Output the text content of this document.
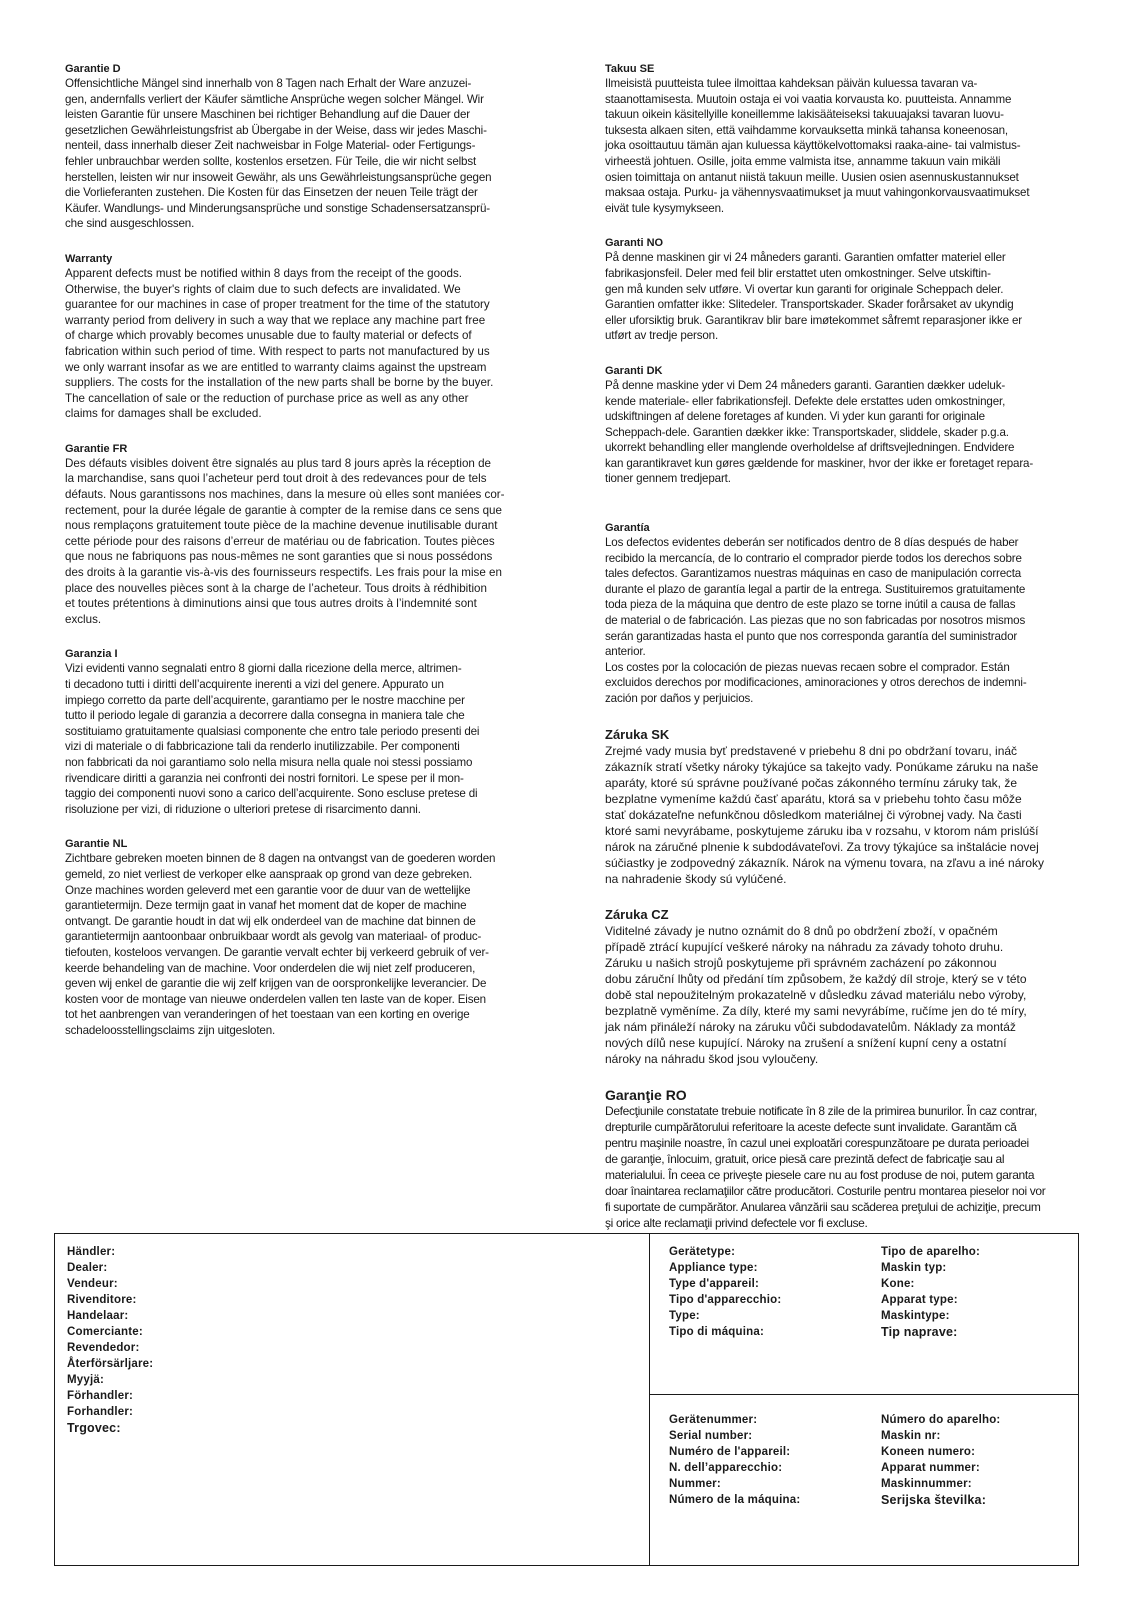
Garantie D

Offensichtliche Mängel sind innerhalb von 8 Tagen nach Erhalt der Ware anzuzei-
gen, andernfalls verliert der Käufer sämtliche Ansprüche wegen solcher Mängel. Wir
leisten Garantie für unsere Maschinen bei richtiger Behandlung auf die Dauer der
gesetzlichen Gewährleistungsfrist ab Übergabe in der Weise, dass wir jedes Maschi-
nenteil, dass innerhalb dieser Zeit nachweisbar in Folge Material- oder Fertigungs-
fehler unbrauchbar werden sollte, kostenlos ersetzen. Für Teile, die wir nicht selbst
herstellen, leisten wir nur insoweit Gewähr, als uns Gewährleistungsansprüche gegen
die Vorlieferanten zustehen. Die Kosten für das Einsetzen der neuen Teile trägt der
Käufer. Wandlungs- und Minderungsansprüche und sonstige Schadensersatzansprü-
che sind ausgeschlossen.

Warranty

Apparent defects must be notified within 8 days from the receipt of the goods.
Otherwise, the buyer's rights of claim due to such defects are invalidated. We
guarantee for our machines in case of proper treatment for the time of the statutory
warranty period from delivery in such a way that we replace any machine part free
of charge which provably becomes unusable due to faulty material or defects of
fabrication within such period of time. With respect to parts not manufactured by us
we only warrant insofar as we are entitled to warranty claims against the upstream
suppliers. The costs for the installation of the new parts shall be borne by the buyer.
The cancellation of sale or the reduction of purchase price as well as any other
claims for damages shall be excluded.

Garantie FR

Des défauts visibles doivent être signalés au plus tard 8 jours après la réception de
la marchandise, sans quoi l’acheteur perd tout droit à des redevances pour de tels
défauts. Nous garantissons nos machines, dans la mesure où elles sont maniées cor-
rectement, pour la durée légale de garantie à compter de la remise dans ce sens que
nous remplaçons gratuitement toute pièce de la machine devenue inutilisable durant
cette période pour des raisons d’erreur de matériau ou de fabrication. Toutes pièces
que nous ne fabriquons pas nous-mêmes ne sont garanties que si nous possédons
des droits à la garantie vis-à-vis des fournisseurs respectifs. Les frais pour la mise en
place des nouvelles pièces sont à la charge de l’acheteur. Tous droits à rédhibition
et toutes prétentions à diminutions ainsi que tous autres droits à l’indemnité sont
exclus.

Garanzia I

Vizi evidenti vanno segnalati entro 8 giorni dalla ricezione della merce, altrimen-
ti decadono tutti i diritti dell’acquirente inerenti a vizi del genere. Appurato un
impiego corretto da parte dell’acquirente, garantiamo per le nostre macchine per
tutto il periodo legale di garanzia a decorrere dalla consegna in maniera tale che
sostituiamo gratuitamente qualsiasi componente che entro tale periodo presenti dei
vizi di materiale o di fabbricazione tali da renderlo inutilizzabile. Per componenti
non fabbricati da noi garantiamo solo nella misura nella quale noi stessi possiamo
rivendicare diritti a garanzia nei confronti dei nostri fornitori. Le spese per il mon-
taggio dei componenti nuovi sono a carico dell’acquirente. Sono escluse pretese di
risoluzione per vizi, di riduzione o ulteriori pretese di risarcimento danni.

Garantie NL

Zichtbare gebreken moeten binnen de 8 dagen na ontvangst van de goederen worden
gemeld, zo niet verliest de verkoper elke aanspraak op grond van deze gebreken.
Onze machines worden geleverd met een garantie voor de duur van de wettelijke
garantietermijn. Deze termijn gaat in vanaf het moment dat de koper de machine
ontvangt. De garantie houdt in dat wij elk onderdeel van de machine dat binnen de
garantietermijn aantoonbaar onbruikbaar wordt als gevolg van materiaal- of produc-
tiefouten, kosteloos vervangen. De garantie vervalt echter bij verkeerd gebruik of ver-
keerde behandeling van de machine. Voor onderdelen die wij niet zelf produceren,
geven wij enkel de garantie die wij zelf krijgen van de oorspronkelijke leverancier. De
kosten voor de montage van nieuwe onderdelen vallen ten laste van de koper. Eisen
tot het aanbrengen van veranderingen of het toestaan van een korting en overige
schadeloosstellingsclaims zijn uitgesloten.

Takuu SE

Ilmeisistä puutteista tulee ilmoittaa kahdeksan päivän kuluessa tavaran va-
staanottamisesta. Muutoin ostaja ei voi vaatia korvausta ko. puutteista. Annamme
takuun oikein käsitellyille koneillemme lakisääteiseksi takuuajaksi tavaran luovu-
tuksesta alkaen siten, että vaihdamme korvauksetta minkä tahansa koneenosan,
joka osoittautuu tämän ajan kuluessa käyttökelvottomaksi raaka-aine- tai valmistus-
virheestä johtuen. Osille, joita emme valmista itse, annamme takuun vain mikäli
osien toimittaja on antanut niistä takuun meille. Uusien osien asennuskustannukset
maksaa ostaja. Purku- ja vähennysvaatimukset ja muut vahingonkorvausvaatimukset
eivät tule kysymykseen.

Garanti NO

På denne maskinen gir vi 24 måneders garanti. Garantien omfatter materiel eller
fabrikasjonsfeil. Deler med feil blir erstattet uten omkostninger. Selve utskiftin-
gen må kunden selv utføre. Vi overtar kun garanti for originale Scheppach deler.
Garantien omfatter ikke: Slitedeler. Transportskader. Skader forårsaket av ukyndig
eller uforsiktig bruk. Garantikrav blir bare imøtekommet såfremt reparasjoner ikke er
utført av tredje person.

Garanti DK

På denne maskine yder vi Dem 24 måneders garanti. Garantien dækker udeluk-
kende materiale- eller fabrikationsfejl. Defekte dele erstattes uden omkostninger,
udskiftningen af delene foretages af kunden. Vi yder kun garanti for originale
Scheppach-dele. Garantien dækker ikke: Transportskader, sliddele, skader p.g.a.
ukorrekt behandling eller manglende overholdelse af driftsvejledningen. Endvidere
kan garantikravet kun gøres gældende for maskiner, hvor der ikke er foretaget repara-
tioner gennem tredjepart.

Garantía

Los defectos evidentes deberán ser notificados dentro de 8 días después de haber
recibido la mercancía, de lo contrario el comprador pierde todos los derechos sobre
tales defectos. Garantizamos nuestras máquinas en caso de manipulación correcta
durante el plazo de garantía legal a partir de la entrega. Sustituiremos gratuitamente
toda pieza de la máquina que dentro de este plazo se torne inútil a causa de fallas
de material o de fabricación. Las piezas que no son fabricadas por nosotros mismos
serán garantizadas hasta el punto que nos corresponda garantía del suministrador
anterior.
Los costes por la colocación de piezas nuevas recaen sobre el comprador. Están
excluidos derechos por modificaciones, aminoraciones y otros derechos de indemni-
zación por daños y perjuicios.

Záruka SK

Zrejmé vady musia byť predstavené v priebehu 8 dni po obdržaní tovaru, ináč
zákazník stratí všetky nároky týkajúce sa takejto vady. Ponúkame záruku na naše
aparáty, ktoré sú správne používané počas zákonného termínu záruky tak, že
bezplatne vymeníme každú časť aparátu, ktorá sa v priebehu tohto času môže
stať dokázateľne nefunkčnou dôsledkom materiálnej či výrobnej vady. Na časti
ktoré sami nevyrábame, poskytujeme záruku iba v rozsahu, v ktorom nám prislúší
nárok na záručné plnenie k subdodávateľovi. Za trovy týkajúce sa inštalácie novej
súčiastky je zodpovedný zákazník. Nárok na výmenu tovara, na zľavu a iné nároky
na nahradenie škody sú vylúčené.

Záruka CZ

Viditelné závady je nutno oznámit do 8 dnů po obdržení zboží, v opačném
případě ztrácí kupující veškeré nároky na náhradu za závady tohoto druhu.
Záruku u našich strojů poskytujeme při správném zacházení po zákonnou
dobu záruční lhůty od předání tím způsobem, že každý díl stroje, který se v této
době stal nepoužitelným prokazatelně v důsledku závad materiálu nebo výroby,
bezplatně vyměníme. Za díly, které my sami nevyrábíme, ručíme jen do té míry,
jak nám přináleží nároky na záruku vůči subdodavatelům. Náklady za montáž
nových dílů nese kupující. Nároky na zrušení a snížení kupní ceny a ostatní
nároky na náhradu škod jsou vyloučeny.

Garanţie RO

Defecţiunile constatate trebuie notificate în 8 zile de la primirea bunurilor. În caz contrar,
drepturile cumpărătorului referitoare la aceste defecte sunt invalidate. Garantăm că
pentru maşinile noastre, în cazul unei exploatări corespunzătoare pe durata perioadei
de garanţie, înlocuim, gratuit, orice piesă care prezintă defect de fabricaţie sau al
materialului. În ceea ce priveşte piesele care nu au fost produse de noi, putem garanta
doar înaintarea reclamaţiilor către producători. Costurile pentru montarea pieselor noi vor
fi suportate de cumpărător. Anularea vânzării sau scăderea preţului de achiziţie, precum
şi orice alte reclamaţii privind defectele vor fi excluse.

Händler:
Dealer:
Vendeur:
Rivenditore:
Handelaar:
Comerciante:
Revendedor:
Återförsärljare:
Myyjä:
Förhandler:
Forhandler:
Trgovec:
Gerätetype:
Appliance type:
Type d'appareil:
Tipo d'apparecchio:
Type:
Tipo di máquina:
Tipo de aparelho:
Maskin typ:
Kone:
Apparat type:
Maskintype:
Tip naprave:
Gerätenummer:
Serial number:
Numéro de l'appareil:
N. dell’apparecchio:
Nummer:
Número de la máquina:
Número do aparelho:
Maskin nr:
Koneen numero:
Apparat nummer:
Maskinnummer:
Serijska številka:
